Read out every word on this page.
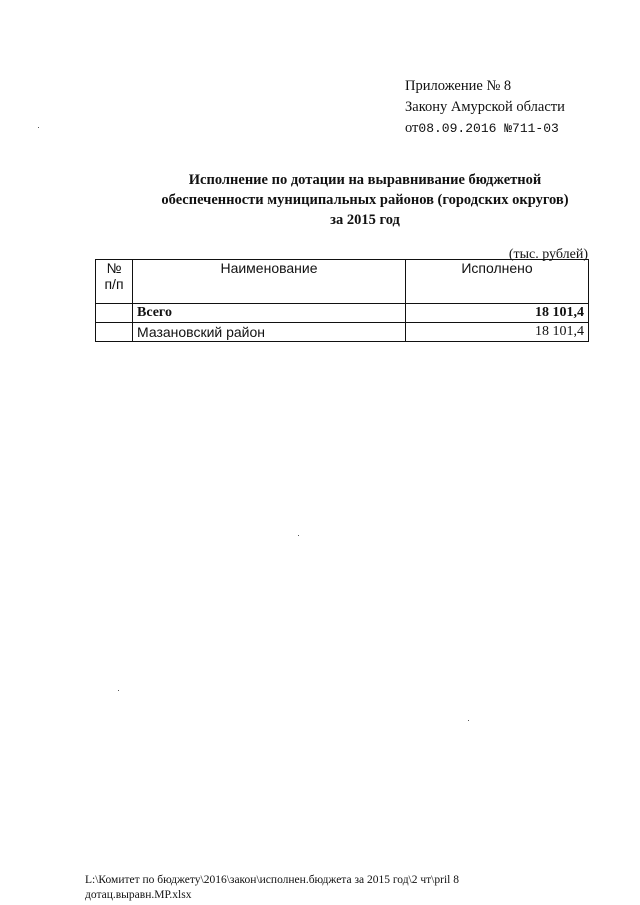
Приложение № 8
Закону Амурской области
от08.09.2016 №711-03
Исполнение по дотации на выравнивание бюджетной
обеспеченности муниципальных районов (городских округов)
за 2015 год
(тыс. рублей)
№
п/п	Наименование	Исполнено
	Всего	18 101,4
	Мазановский район	18 101,4
L:\Комитет по бюджету\2016\закон\исполнен.бюджета за 2015 год\2 чт\pril 8
дотац.выравн.МР.xlsx
